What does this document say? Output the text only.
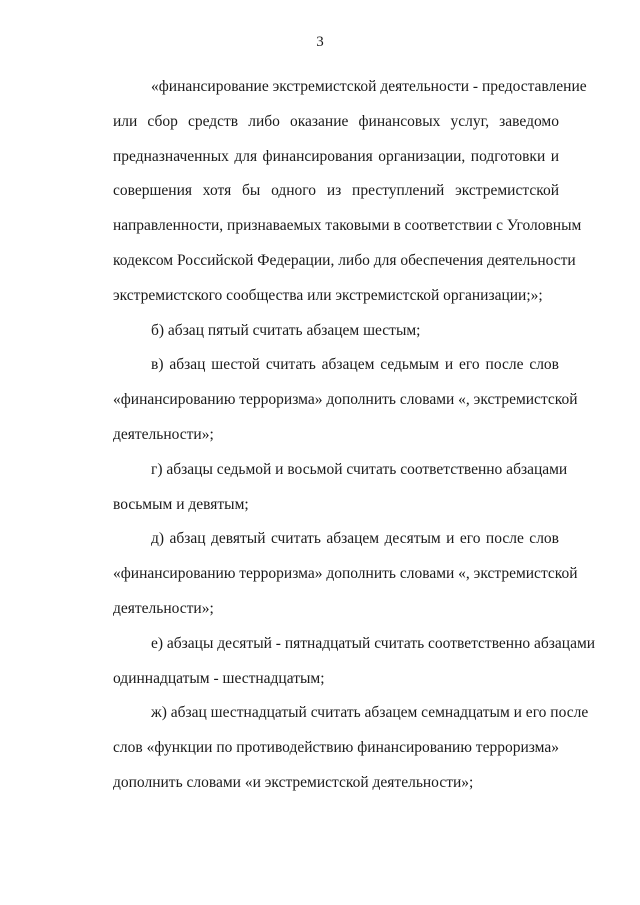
3
«финансирование экстремистской деятельности - предоставление
или сбор средств либо оказание финансовых услуг, заведомо
предназначенных для финансирования организации, подготовки и
совершения хотя бы одного из преступлений экстремистской
направленности, признаваемых таковыми в соответствии с Уголовным
кодексом Российской Федерации, либо для обеспечения деятельности
экстремистского сообщества или экстремистской организации;»;
б) абзац пятый считать абзацем шестым;
в) абзац шестой считать абзацем седьмым и его после слов
«финансированию терроризма» дополнить словами «, экстремистской
деятельности»;
г) абзацы седьмой и восьмой считать соответственно абзацами
восьмым и девятым;
д) абзац девятый считать абзацем десятым и его после слов
«финансированию терроризма» дополнить словами «, экстремистской
деятельности»;
е) абзацы десятый - пятнадцатый считать соответственно абзацами
одиннадцатым - шестнадцатым;
ж) абзац шестнадцатый считать абзацем семнадцатым и его после
слов «функции по противодействию финансированию терроризма»
дополнить словами «и экстремистской деятельности»;
